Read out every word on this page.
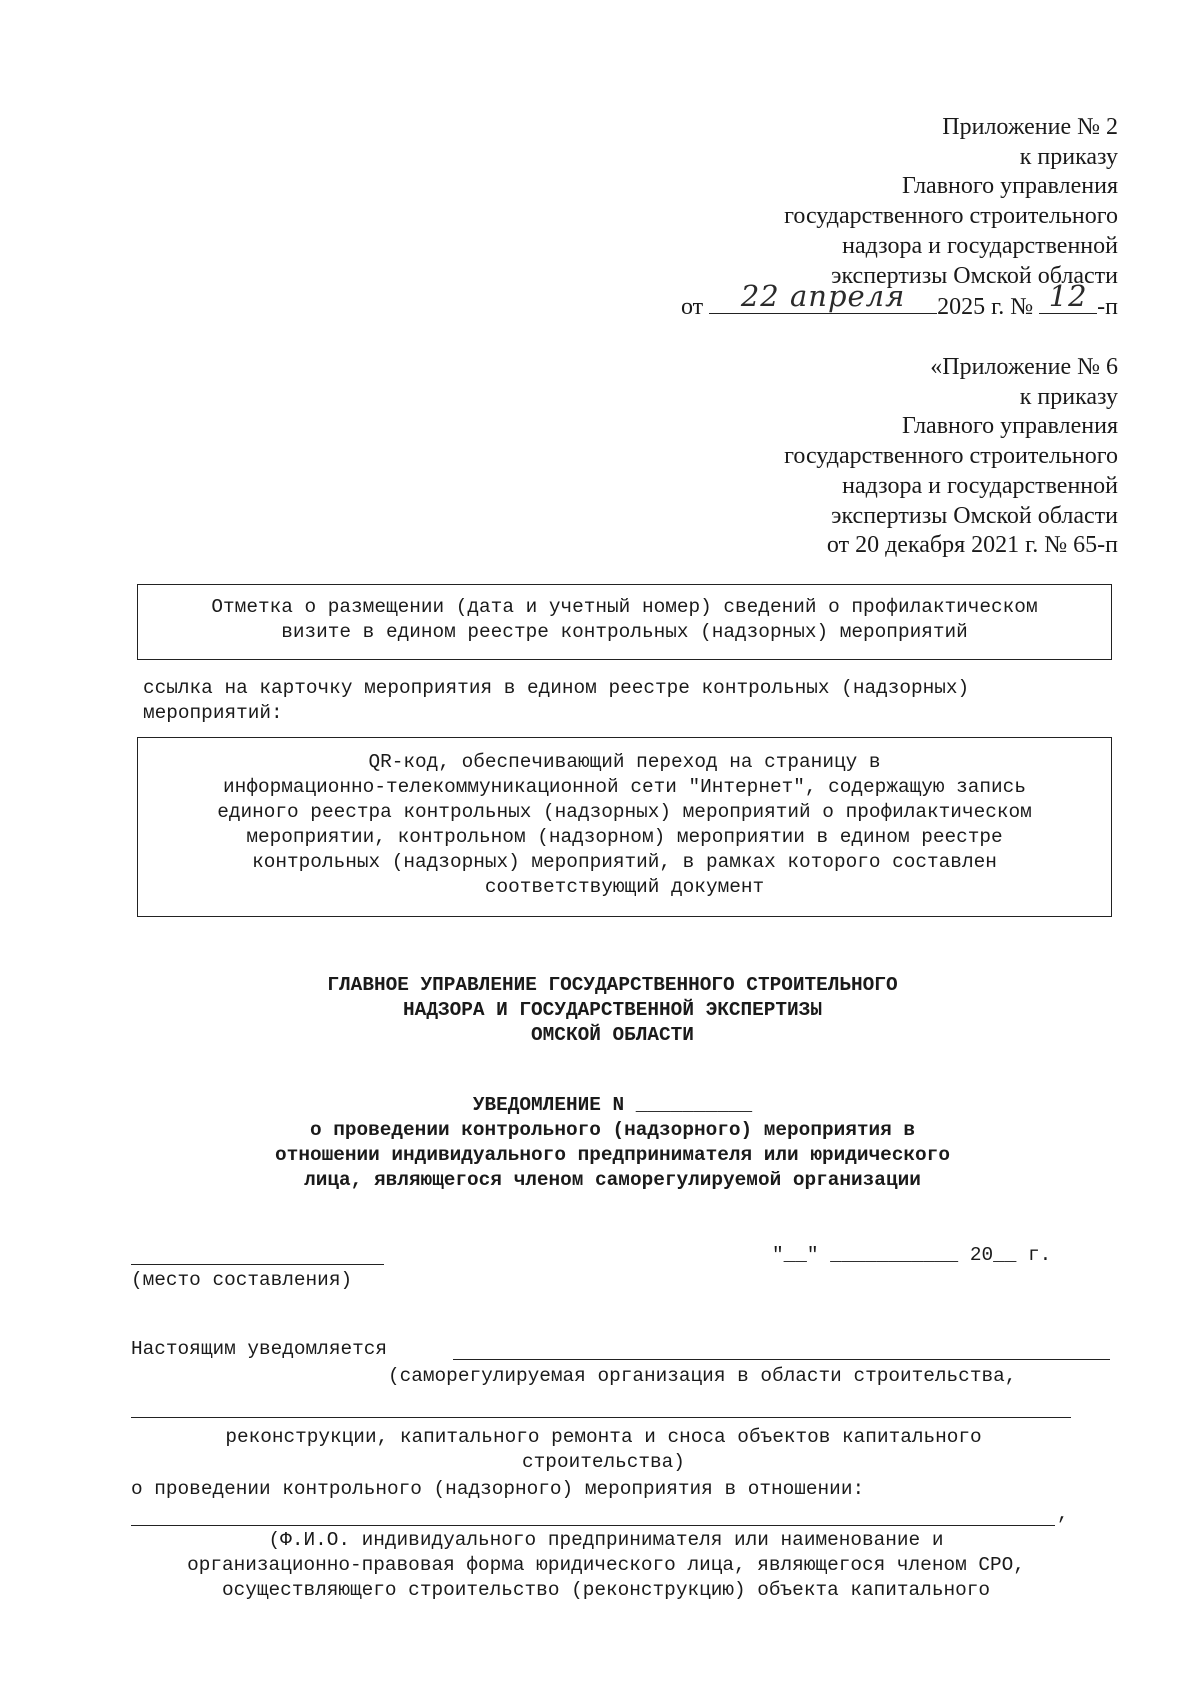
Приложение № 2
к приказу
Главного управления
государственного строительного
надзора и государственной
экспертизы Омской области
от	22 апреля	2025 г. № 12 -п
«Приложение № 6
к приказу
Главного управления
государственного строительного
надзора и государственной
экспертизы Омской области
от 20 декабря 2021 г. № 65-п
Отметка о размещении (дата и учетный номер) сведений о профилактическом
визите в едином реестре контрольных (надзорных) мероприятий
ссылка на карточку мероприятия в едином реестре контрольных (надзорных)
мероприятий:
QR-код, обеспечивающий переход на страницу в
информационно-телекоммуникационной сети "Интернет", содержащую запись
единого реестра контрольных (надзорных) мероприятий о профилактическом
мероприятии, контрольном (надзорном) мероприятии в едином реестре
контрольных (надзорных) мероприятий, в рамках которого составлен
соответствующий документ
ГЛАВНОЕ УПРАВЛЕНИЕ ГОСУДАРСТВЕННОГО СТРОИТЕЛЬНОГО
НАДЗОРА И ГОСУДАРСТВЕННОЙ ЭКСПЕРТИЗЫ
ОМСКОЙ ОБЛАСТИ
УВЕДОМЛЕНИЕ N __________
о проведении контрольного (надзорного) мероприятия в
отношении индивидуального предпринимателя или юридического
лица, являющегося членом саморегулируемой организации
"__" ___________ 20__ г.
(место составления)
Настоящим уведомляется
(саморегулируемая организация в области строительства,
реконструкции, капитального ремонта и сноса объектов капитального
строительства)
о проведении контрольного (надзорного) мероприятия в отношении:
,
(Ф.И.О. индивидуального предпринимателя или наименование и
организационно-правовая форма юридического лица, являющегося членом СРО,
осуществляющего строительство (реконструкцию) объекта капитального
